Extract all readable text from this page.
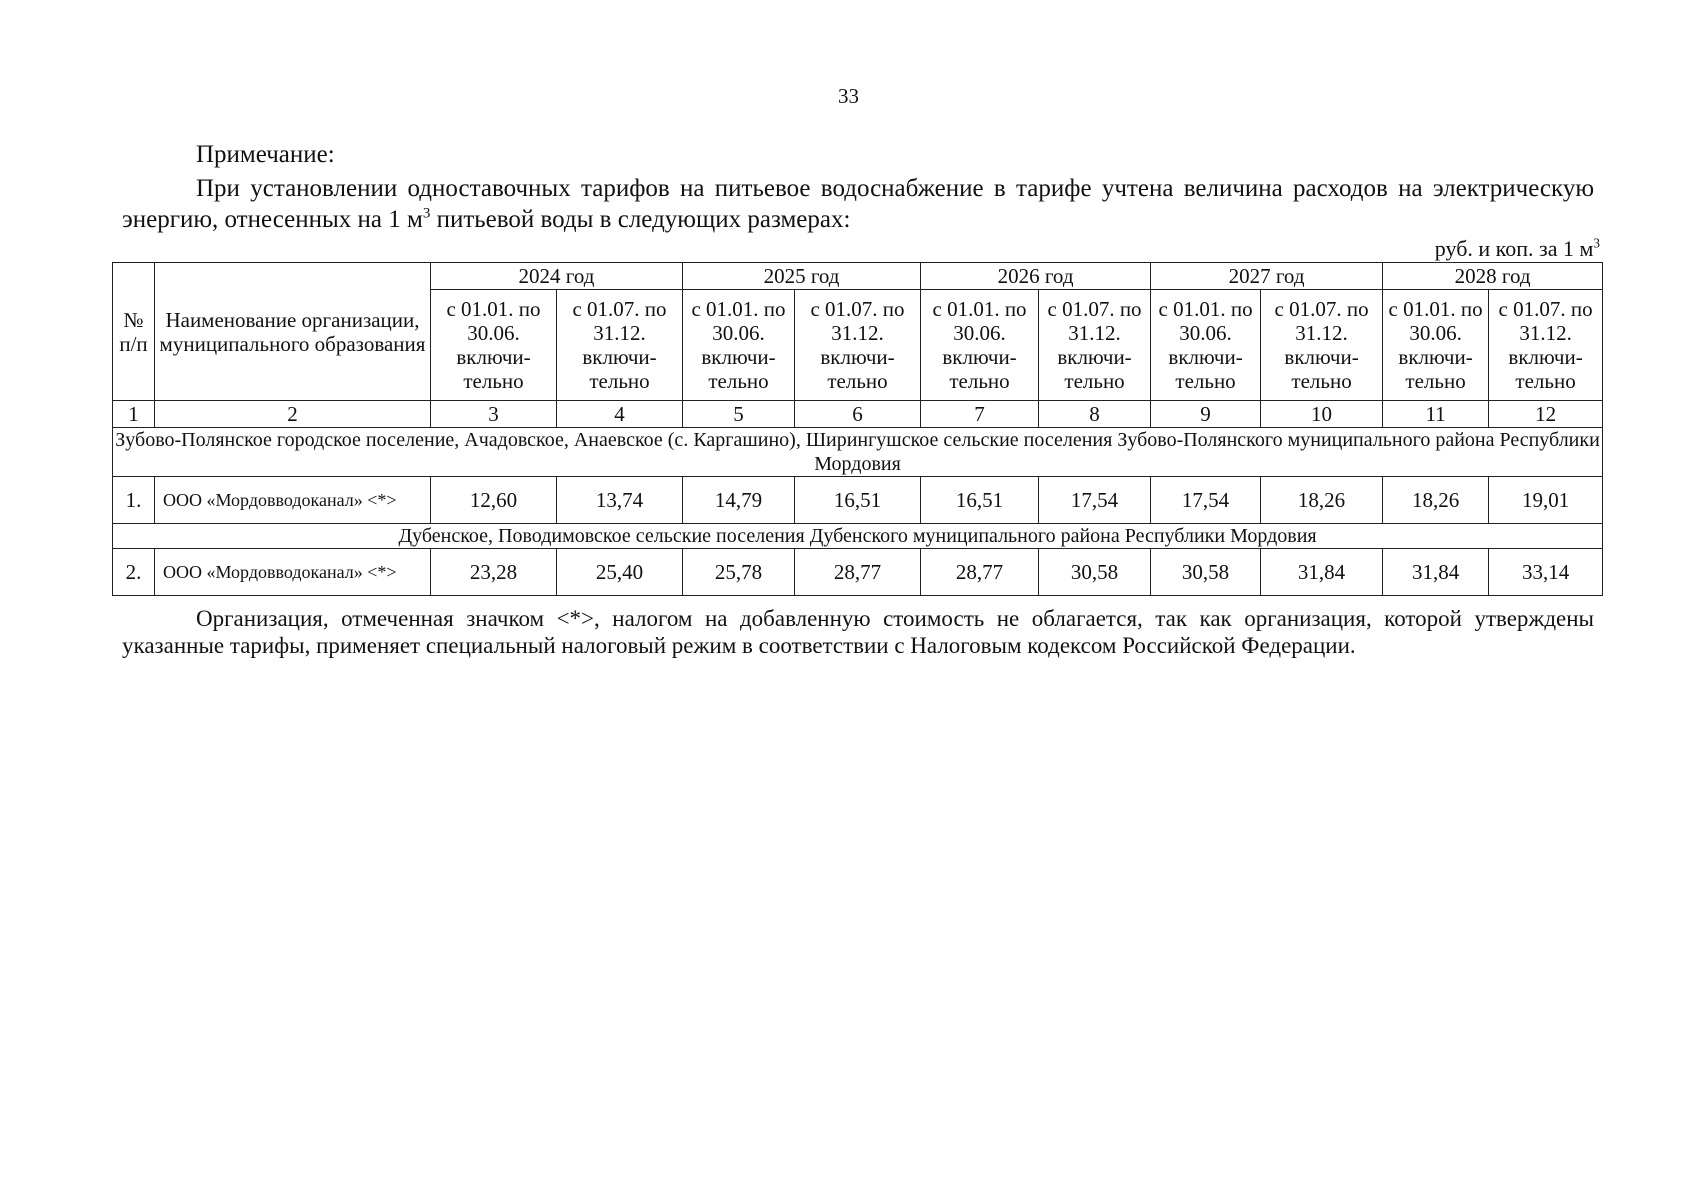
33
Примечание:
При установлении одноставочных тарифов на питьевое водоснабжение в тарифе учтена величина расходов на электрическую энергию, отнесенных на 1 $м^3$ питьевой воды в следующих размерах:
руб. и коп. за 1 $м^3$
№ п/п	Наименование организации, муниципального образования	2024 год		2025 год		2026 год		2027 год		2028 год	
		с 01.01. по 30.06. включи-тельно	с 01.07. по 31.12. включи-тельно	с 01.01. по 30.06. включи-тельно	с 01.07. по 31.12. включи-тельно	с 01.01. по 30.06. включи-тельно	с 01.07. по 31.12. включи-тельно	с 01.01. по 30.06. включи-тельно	с 01.07. по 31.12. включи-тельно	с 01.01. по 30.06. включи-тельно	с 01.07. по 31.12. включи-тельно
1	2	3	4	5	6	7	8	9	10	11	12
Зубово-Полянское городское поселение, Ачадовское, Анаевское (с. Каргашино), Ширингушское сельские поселения Зубово-Полянского муниципального района Республики Мордовия											
1.	ООО «Мордовводоканал» <*>	12,60	13,74	14,79	16,51	16,51	17,54	17,54	18,26	18,26	19,01
Дубенское, Поводимовское сельские поселения Дубенского муниципального района Республики Мордовия											
2.	ООО «Мордовводоканал» <*>	23,28	25,40	25,78	28,77	28,77	30,58	30,58	31,84	31,84	33,14
Организация, отмеченная значком <*>, налогом на добавленную стоимость не облагается, так как организация, которой утверждены указанные тарифы, применяет специальный налоговый режим в соответствии с Налоговым кодексом Российской Федерации.
